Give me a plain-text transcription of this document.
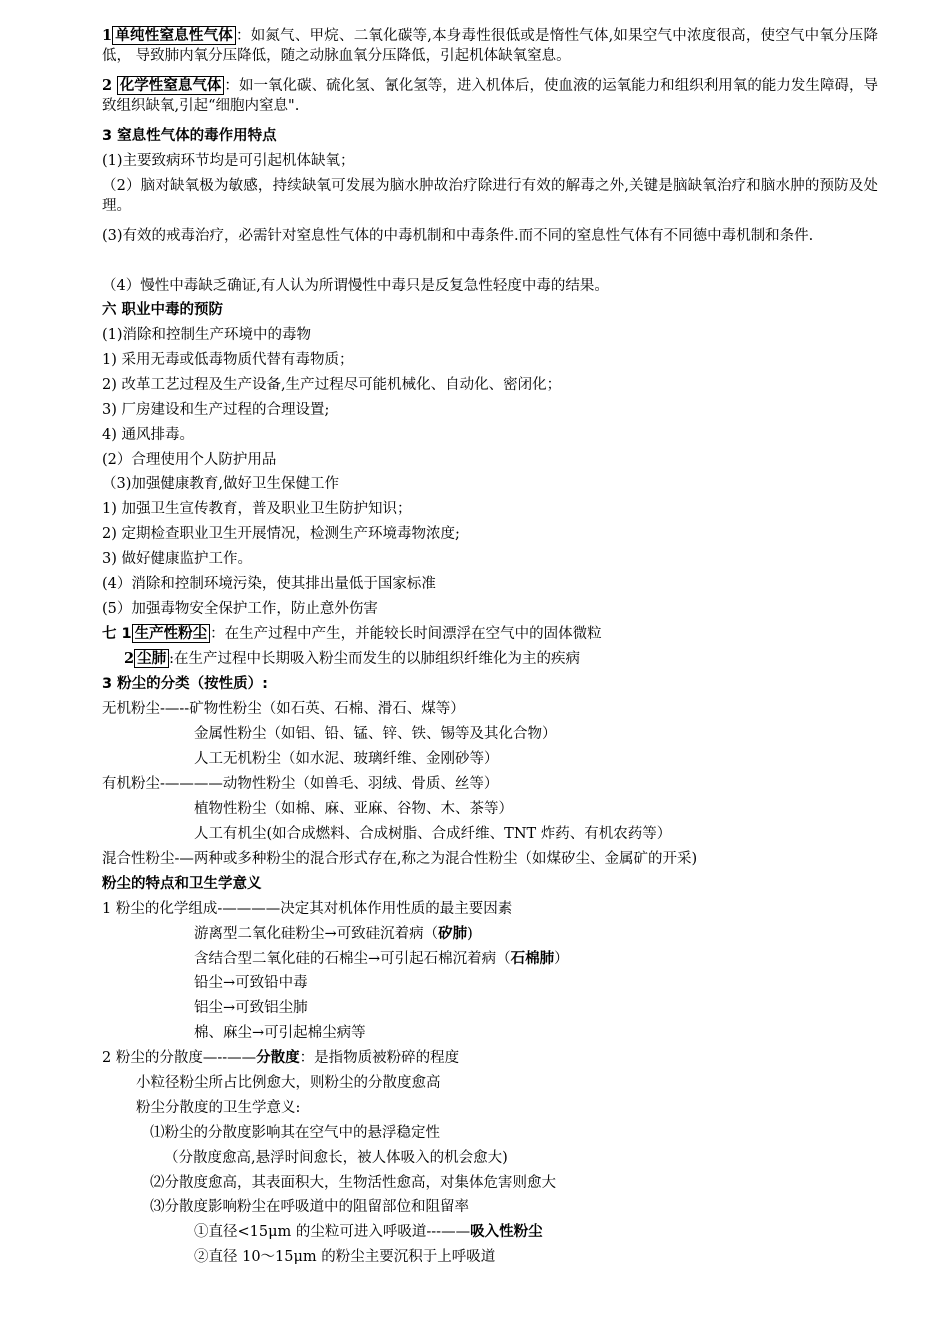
1 单纯性窒息性气体 ：如氮气、甲烷、二氧化碳等,本身毒性很低或是惰性气体,如果空气中浓度很高，使空气中氧分压降低， 导致肺内氧分压降低，随之动脉血氧分压降低，引起机体缺氧窒息。
2 化学性窒息气体 ：如一氧化碳、硫化氢、氰化氢等，进入机体后，使血液的运氧能力和组织利用氧的能力发生障碍，导致组织缺氧,引起“细胞内窒息".
3 窒息性气体的毒作用特点
(1)主要致病环节均是可引起机体缺氧；
（2）脑对缺氧极为敏感，持续缺氧可发展为脑水肿故治疗除进行有效的解毒之外,关键是脑缺氧治疗和脑水肿的预防及处理。
(3)有效的戒毒治疗，必需针对窒息性气体的中毒机制和中毒条件.而不同的窒息性气体有不同德中毒机制和条件.
（4）慢性中毒缺乏确证,有人认为所谓慢性中毒只是反复急性轻度中毒的结果。
六 职业中毒的预防
(1)消除和控制生产环境中的毒物
1) 采用无毒或低毒物质代替有毒物质；
2) 改革工艺过程及生产设备,生产过程尽可能机械化、自动化、密闭化；
3) 厂房建设和生产过程的合理设置;
4) 通风排毒。
(2）合理使用个人防护用品
（3)加强健康教育,做好卫生保健工作
1) 加强卫生宣传教育，普及职业卫生防护知识；
2) 定期检查职业卫生开展情况，检测生产环境毒物浓度;
3) 做好健康监护工作。
(4）消除和控制环境污染，使其排出量低于国家标准
(5）加强毒物安全保护工作，防止意外伤害
七 1 生产性粉尘 ：在生产过程中产生，并能较长时间漂浮在空气中的固体微粒
2 尘肺 :在生产过程中长期吸入粉尘而发生的以肺组织纤维化为主的疾病
3 粉尘的分类（按性质）:
无机粉尘-—--矿物性粉尘（如石英、石棉、滑石、煤等）
金属性粉尘（如铝、铅、锰、锌、铁、锡等及其化合物）
人工无机粉尘（如水泥、玻璃纤维、金刚砂等）
有机粉尘-————动物性粉尘（如兽毛、羽绒、骨质、丝等）
植物性粉尘（如棉、麻、亚麻、谷物、木、茶等）
人工有机尘(如合成燃料、合成树脂、合成纤维、TNT 炸药、有机农药等）
混合性粉尘-—两种或多种粉尘的混合形式存在,称之为混合性粉尘（如煤矽尘、金属矿的开采)
粉尘的特点和卫生学意义
1 粉尘的化学组成-————决定其对机体作用性质的最主要因素
游离型二氧化硅粉尘→可致硅沉着病（矽肺)
含结合型二氧化硅的石棉尘→可引起石棉沉着病（石棉肺）
铅尘→可致铅中毒
铝尘→可致铝尘肺
棉、麻尘→可引起棉尘病等
2 粉尘的分散度—--——分散度：是指物质被粉碎的程度
小粒径粉尘所占比例愈大，则粉尘的分散度愈高
粉尘分散度的卫生学意义:
⑴粉尘的分散度影响其在空气中的悬浮稳定性
（分散度愈高,悬浮时间愈长，被人体吸入的机会愈大)
⑵分散度愈高，其表面积大，生物活性愈高，对集体危害则愈大
⑶分散度影响粉尘在呼吸道中的阻留部位和阻留率
①直径<15μm 的尘粒可进入呼吸道---——吸入性粉尘
②直径 10～15μm 的粉尘主要沉积于上呼吸道
